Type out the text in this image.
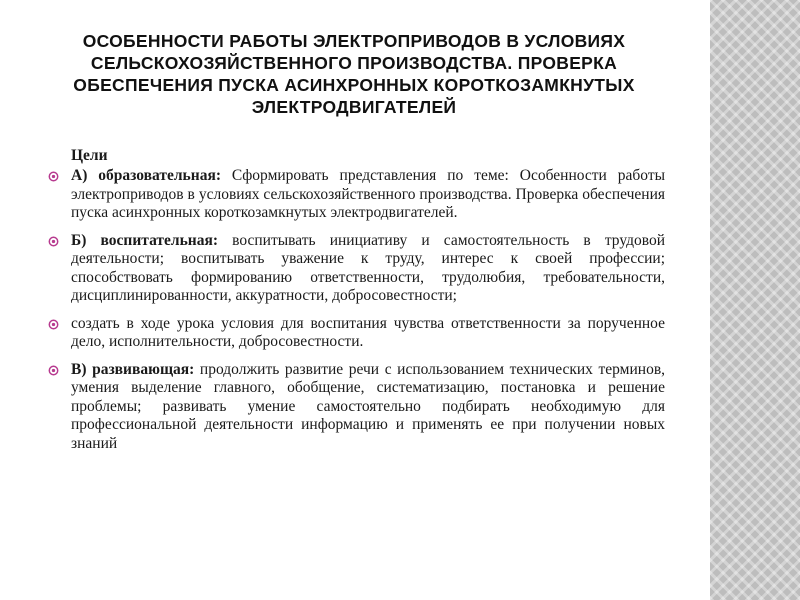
ОСОБЕННОСТИ РАБОТЫ ЭЛЕКТРОПРИВОДОВ В УСЛОВИЯХ СЕЛЬСКОХОЗЯЙСТВЕННОГО ПРОИЗВОДСТВА. ПРОВЕРКА ОБЕСПЕЧЕНИЯ ПУСКА АСИНХРОННЫХ КОРОТКОЗАМКНУТЫХ ЭЛЕКТРОДВИГАТЕЛЕЙ
Цели
А) образовательная: Сформировать представления по теме: Особенности работы электроприводов в условиях сельскохозяйственного производства. Проверка обеспечения пуска асинхронных короткозамкнутых электродвигателей.
Б) воспитательная: воспитывать инициативу и самостоятельность в трудовой деятельности; воспитывать уважение к труду, интерес к своей профессии; способствовать формированию ответственности, трудолюбия, требовательности, дисциплинированности, аккуратности, добросовестности;
создать в ходе урока условия для воспитания чувства ответственности за порученное дело, исполнительности, добросовестности.
В) развивающая: продолжить развитие речи с использованием технических терминов, умения выделение главного, обобщение, систематизацию, постановка и решение проблемы; развивать умение самостоятельно подбирать необходимую для профессиональной деятельности информацию и применять ее при получении новых знаний
